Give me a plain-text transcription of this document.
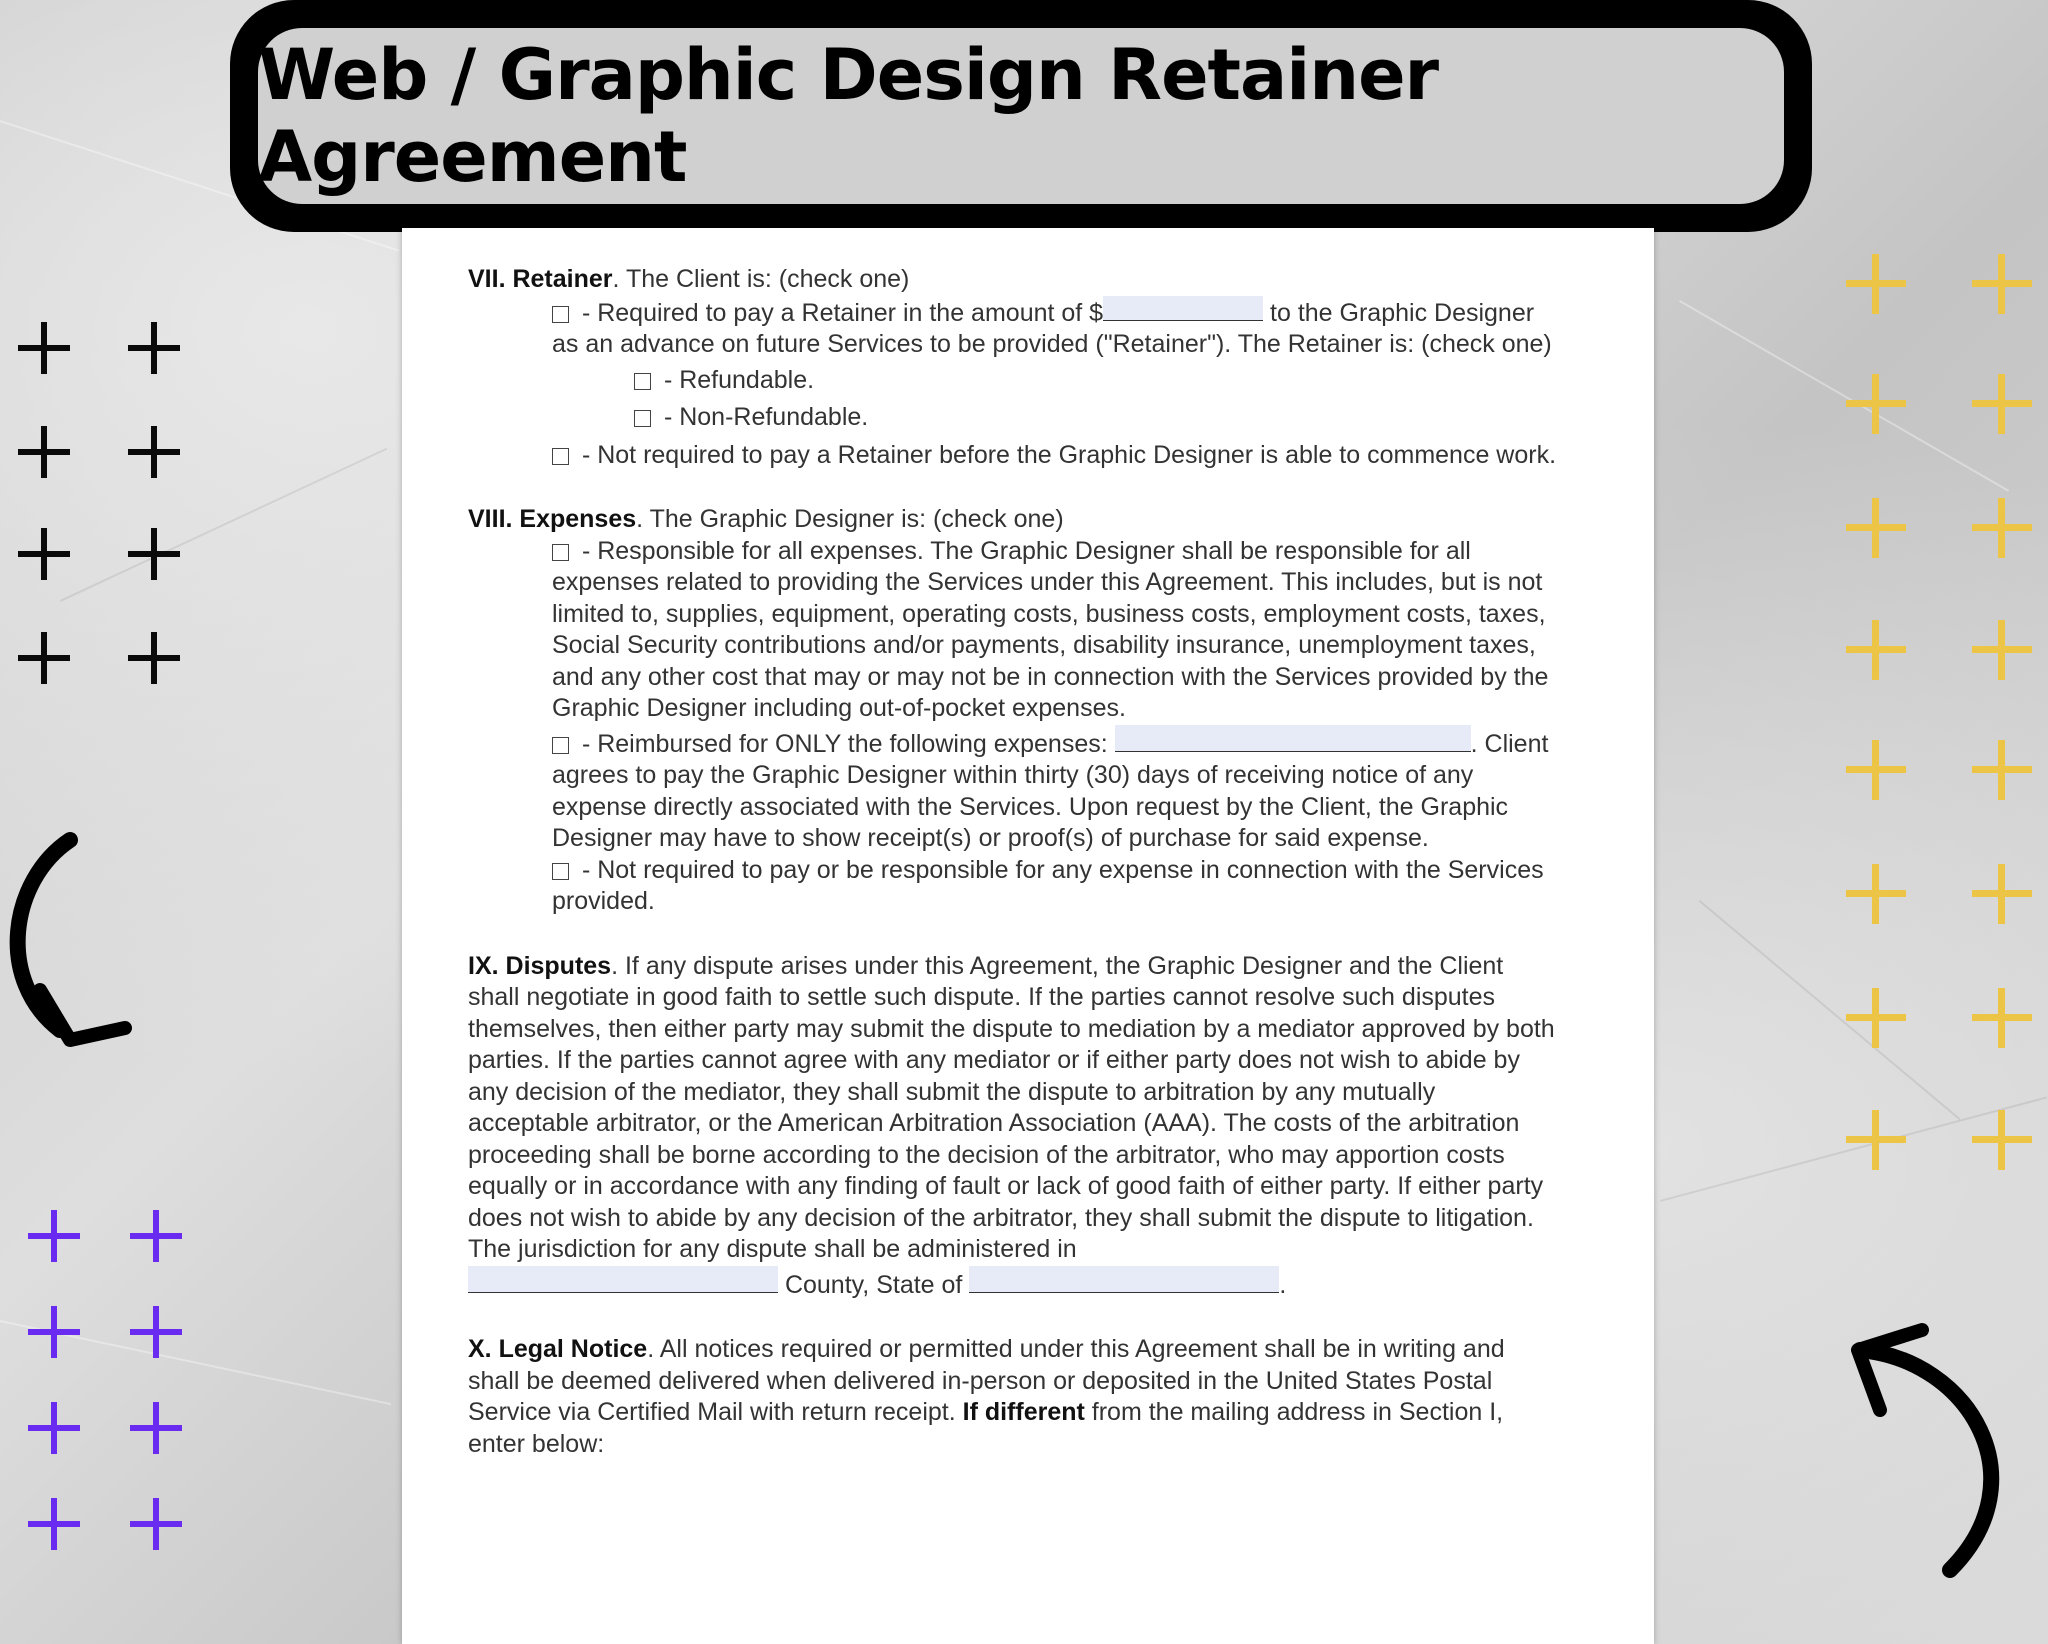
Web / Graphic Design Retainer Agreement

VII. Retainer. The Client is: (check one)

- Required to pay a Retainer in the amount of $	to the Graphic Designer as an advance on future Services to be provided ("Retainer"). The Retainer is: (check one)

- Refundable.

- Non-Refundable.

- Not required to pay a Retainer before the Graphic Designer is able to commence work.

VIII. Expenses. The Graphic Designer is: (check one)

- Responsible for all expenses. The Graphic Designer shall be responsible for all expenses related to providing the Services under this Agreement. This includes, but is not limited to, supplies, equipment, operating costs, business costs, employment costs, taxes, Social Security contributions and/or payments, disability insurance, unemployment taxes, and any other cost that may or may not be in connection with the Services provided by the Graphic Designer including out-of-pocket expenses.

- Reimbursed for ONLY the following expenses:	. Client agrees to pay the Graphic Designer within thirty (30) days of receiving notice of any expense directly associated with the Services. Upon request by the Client, the Graphic Designer may have to show receipt(s) or proof(s) of purchase for said expense.

- Not required to pay or be responsible for any expense in connection with the Services provided.

IX. Disputes. If any dispute arises under this Agreement, the Graphic Designer and the Client shall negotiate in good faith to settle such dispute. If the parties cannot resolve such disputes themselves, then either party may submit the dispute to mediation by a mediator approved by both parties. If the parties cannot agree with any mediator or if either party does not wish to abide by any decision of the mediator, they shall submit the dispute to arbitration by any mutually acceptable arbitrator, or the American Arbitration Association (AAA). The costs of the arbitration proceeding shall be borne according to the decision of the arbitrator, who may apportion costs equally or in accordance with any finding of fault or lack of good faith of either party. If either party does not wish to abide by any decision of the arbitrator, they shall submit the dispute to litigation. The jurisdiction for any dispute shall be administered in
County, State of	.

X. Legal Notice. All notices required or permitted under this Agreement shall be in writing and shall be deemed delivered when delivered in-person or deposited in the United States Postal Service via Certified Mail with return receipt. If different from the mailing address in Section I, enter below:
